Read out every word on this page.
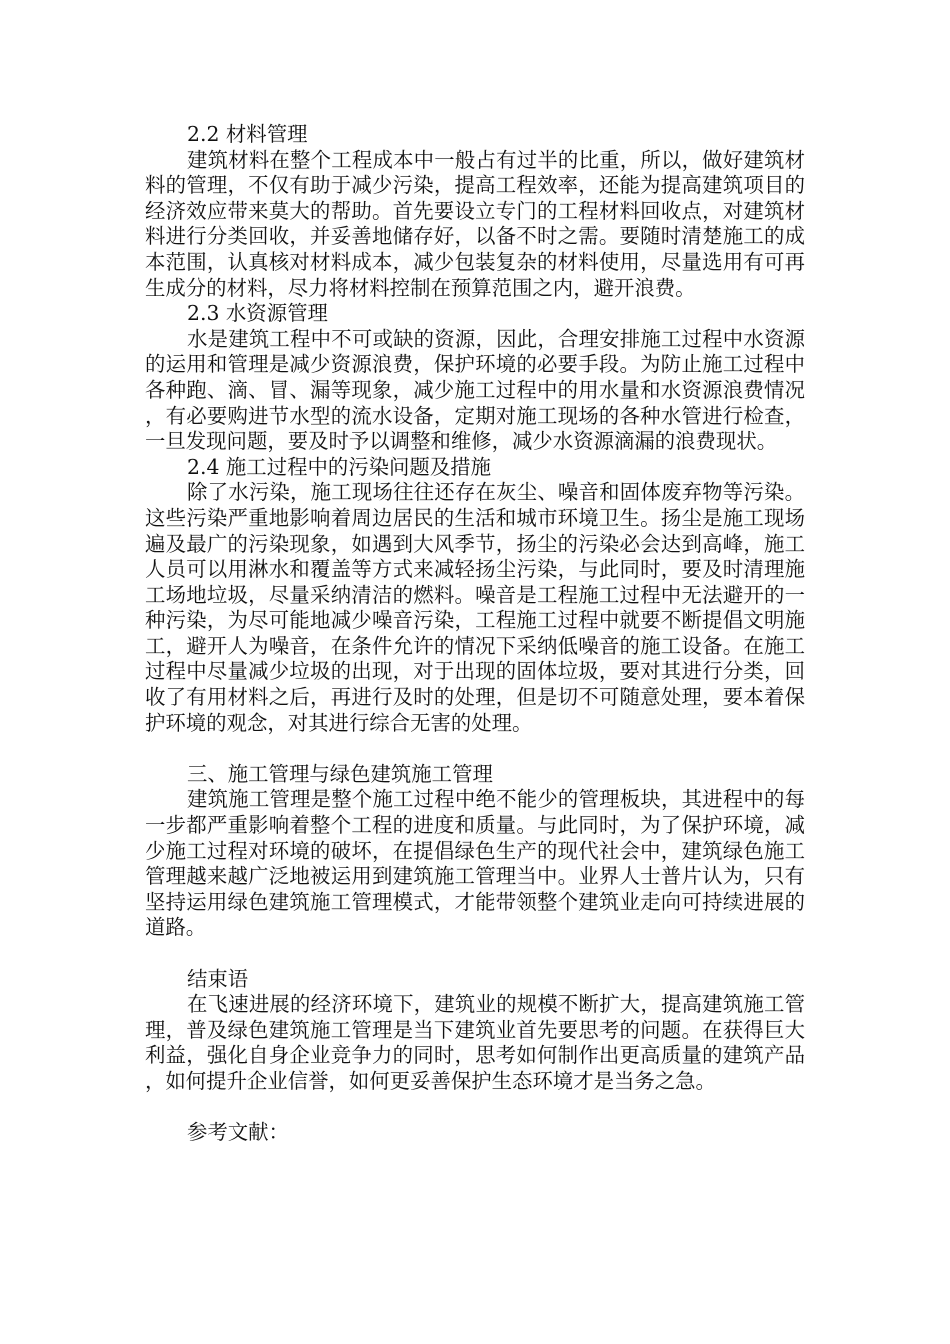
2.2 材料管理

建筑材料在整个工程成本中一般占有过半的比重，所以，做好建筑材料的管理，不仅有助于减少污染，提高工程效率，还能为提高建筑项目的经济效应带来莫大的帮助。首先要设立专门的工程材料回收点，对建筑材料进行分类回收，并妥善地储存好，以备不时之需。要随时清楚施工的成本范围，认真核对材料成本，减少包装复杂的材料使用，尽量选用有可再生成分的材料，尽力将材料控制在预算范围之内，避开浪费。

2.3 水资源管理

水是建筑工程中不可或缺的资源，因此，合理安排施工过程中水资源的运用和管理是减少资源浪费，保护环境的必要手段。为防止施工过程中各种跑、滴、冒、漏等现象，减少施工过程中的用水量和水资源浪费情况，有必要购进节水型的流水设备，定期对施工现场的各种水管进行检查，一旦发现问题，要及时予以调整和维修，减少水资源滴漏的浪费现状。

2.4 施工过程中的污染问题及措施

除了水污染，施工现场往往还存在灰尘、噪音和固体废弃物等污染。这些污染严重地影响着周边居民的生活和城市环境卫生。扬尘是施工现场遍及最广的污染现象，如遇到大风季节，扬尘的污染必会达到高峰，施工人员可以用淋水和覆盖等方式来减轻扬尘污染，与此同时，要及时清理施工场地垃圾，尽量采纳清洁的燃料。噪音是工程施工过程中无法避开的一种污染，为尽可能地减少噪音污染，工程施工过程中就要不断提倡文明施工，避开人为噪音，在条件允许的情况下采纳低噪音的施工设备。在施工过程中尽量减少垃圾的出现，对于出现的固体垃圾，要对其进行分类，回收了有用材料之后，再进行及时的处理，但是切不可随意处理，要本着保护环境的观念，对其进行综合无害的处理。

三、施工管理与绿色建筑施工管理

建筑施工管理是整个施工过程中绝不能少的管理板块，其进程中的每一步都严重影响着整个工程的进度和质量。与此同时，为了保护环境，减少施工过程对环境的破坏，在提倡绿色生产的现代社会中，建筑绿色施工管理越来越广泛地被运用到建筑施工管理当中。业界人士普片认为，只有坚持运用绿色建筑施工管理模式，才能带领整个建筑业走向可持续进展的道路。

结束语

在飞速进展的经济环境下，建筑业的规模不断扩大，提高建筑施工管理，普及绿色建筑施工管理是当下建筑业首先要思考的问题。在获得巨大利益，强化自身企业竞争力的同时，思考如何制作出更高质量的建筑产品，如何提升企业信誉，如何更妥善保护生态环境才是当务之急。

参考文献：
